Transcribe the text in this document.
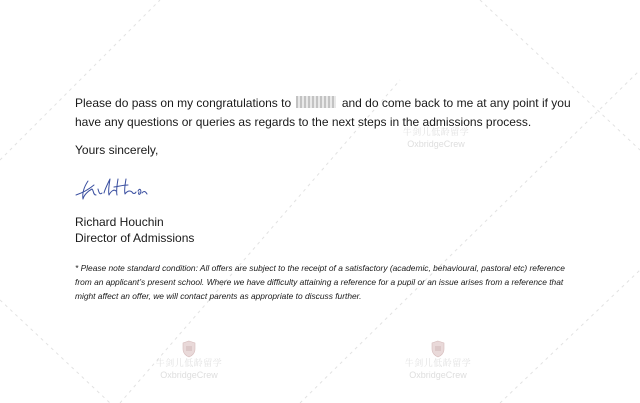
牛剑儿低龄留学
OxbridgeCrew
牛剑儿低龄留学
OxbridgeCrew
牛剑儿低龄留学
OxbridgeCrew
Please do pass on my congratulations to	and do come back to me at any point if you have any questions or queries as regards to the next steps in the admissions process.
Yours sincerely,
Richard Houchin
Director of Admissions
* Please note standard condition: All offers are subject to the receipt of a satisfactory (academic, behavioural, pastoral etc) reference from an applicant’s present school. Where we have difficulty attaining a reference for a pupil or an issue arises from a reference that might affect an offer, we will contact parents as appropriate to discuss further.
